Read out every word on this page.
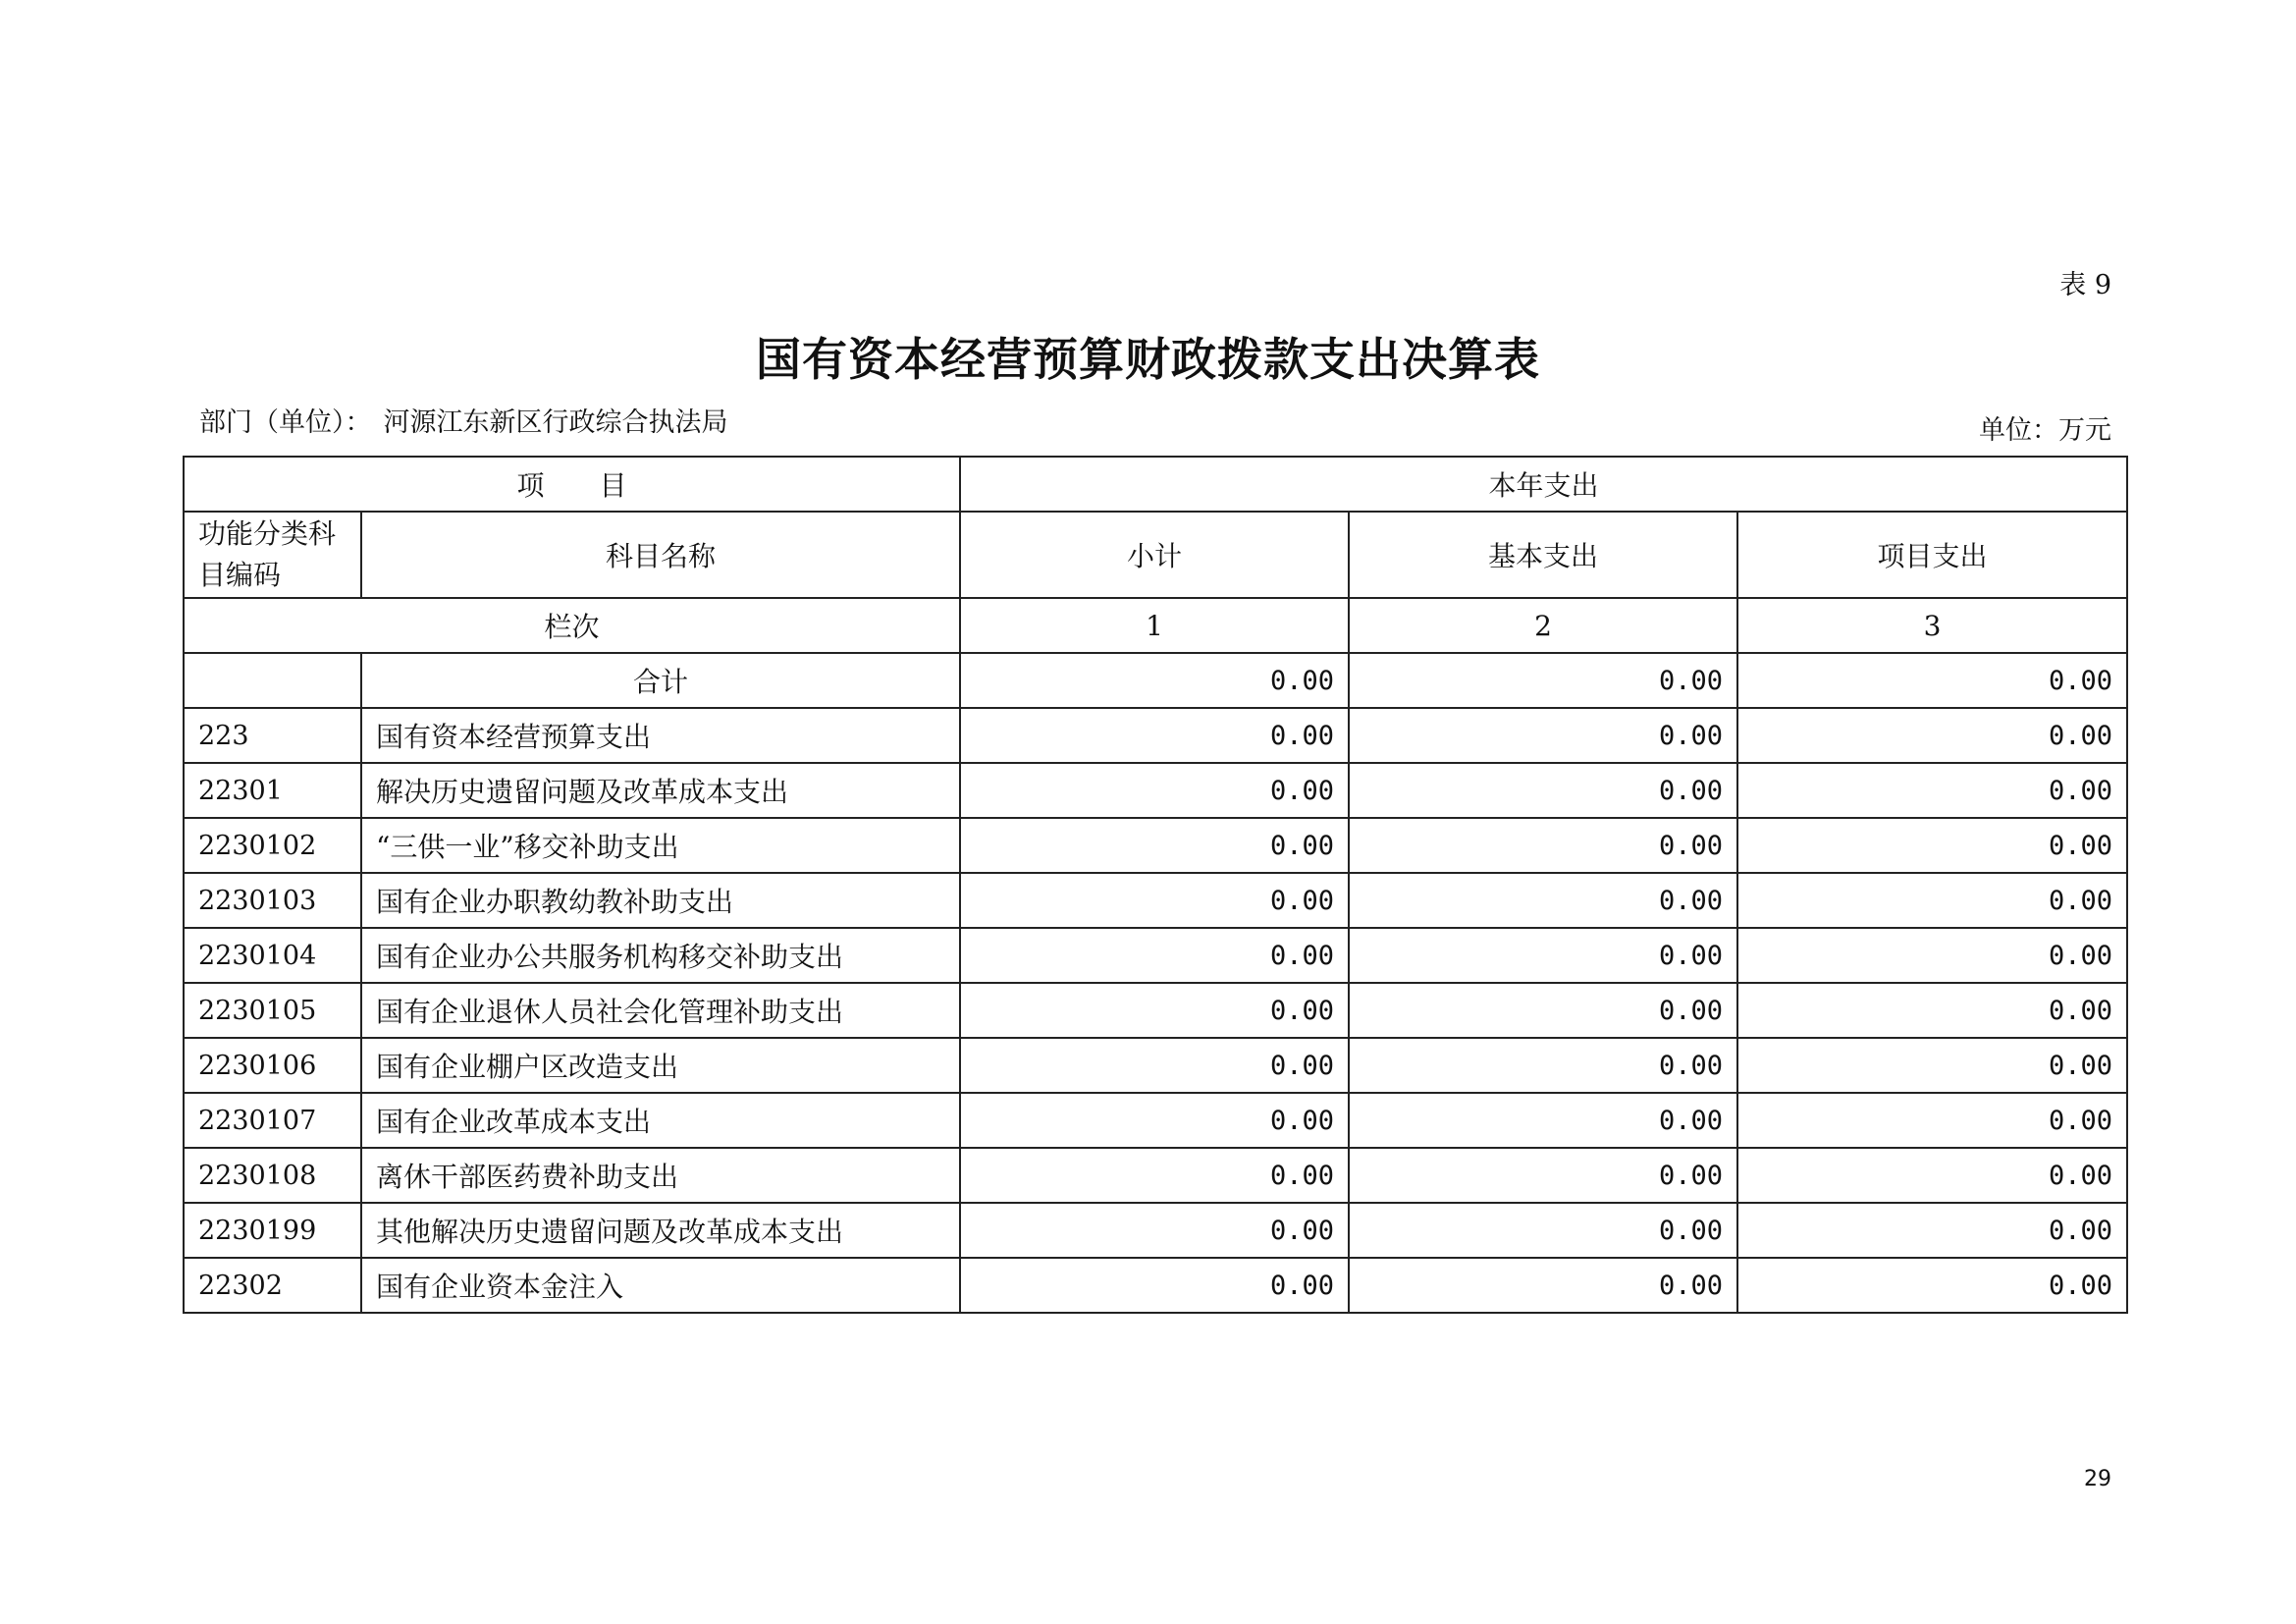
表 9
国有资本经营预算财政拨款支出决算表
部门（单位）： 河源江东新区行政综合执法局	单位：万元
项　　目		本年支出		
功能分类科目编码	科目名称	小计	基本支出	项目支出
栏次		1	2	3
	合计	0.00	0.00	0.00
223	国有资本经营预算支出	0.00	0.00	0.00
22301	解决历史遗留问题及改革成本支出	0.00	0.00	0.00
2230102	“三供一业”移交补助支出	0.00	0.00	0.00
2230103	国有企业办职教幼教补助支出	0.00	0.00	0.00
2230104	国有企业办公共服务机构移交补助支出	0.00	0.00	0.00
2230105	国有企业退休人员社会化管理补助支出	0.00	0.00	0.00
2230106	国有企业棚户区改造支出	0.00	0.00	0.00
2230107	国有企业改革成本支出	0.00	0.00	0.00
2230108	离休干部医药费补助支出	0.00	0.00	0.00
2230199	其他解决历史遗留问题及改革成本支出	0.00	0.00	0.00
22302	国有企业资本金注入	0.00	0.00	0.00
29
